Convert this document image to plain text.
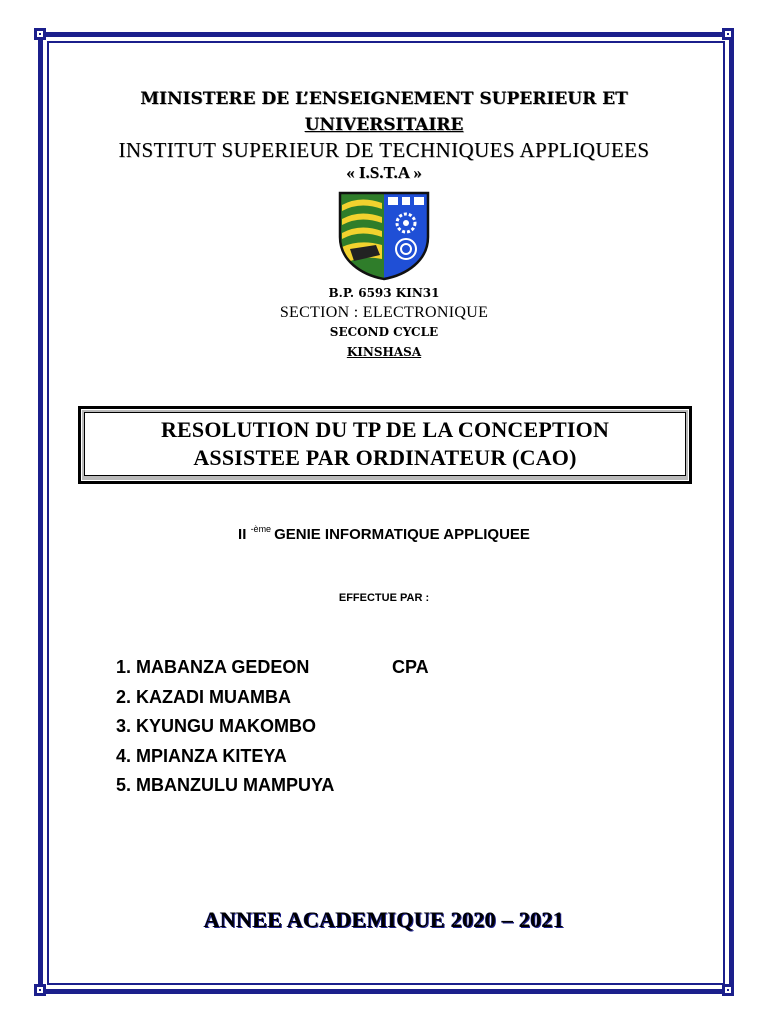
MINISTERE DE L’ENSEIGNEMENT SUPERIEUR ET
UNIVERSITAIRE
INSTITUT SUPERIEUR DE TECHNIQUES APPLIQUEES
« I.S.T.A »
B.P. 6593 KIN31
SECTION : ELECTRONIQUE
SECOND CYCLE
KINSHASA
RESOLUTION DU TP DE LA CONCEPTION
ASSISTEE PAR ORDINATEUR (CAO)
II $^{-ème}$ GENIE INFORMATIQUE APPLIQUEE
EFFECTUE PAR :
1. MABANZA GEDEON	CPA
2. KAZADI MUAMBA
3. KYUNGU MAKOMBO
4. MPIANZA KITEYA
5. MBANZULU MAMPUYA
ANNEE ACADEMIQUE 2020 – 2021
